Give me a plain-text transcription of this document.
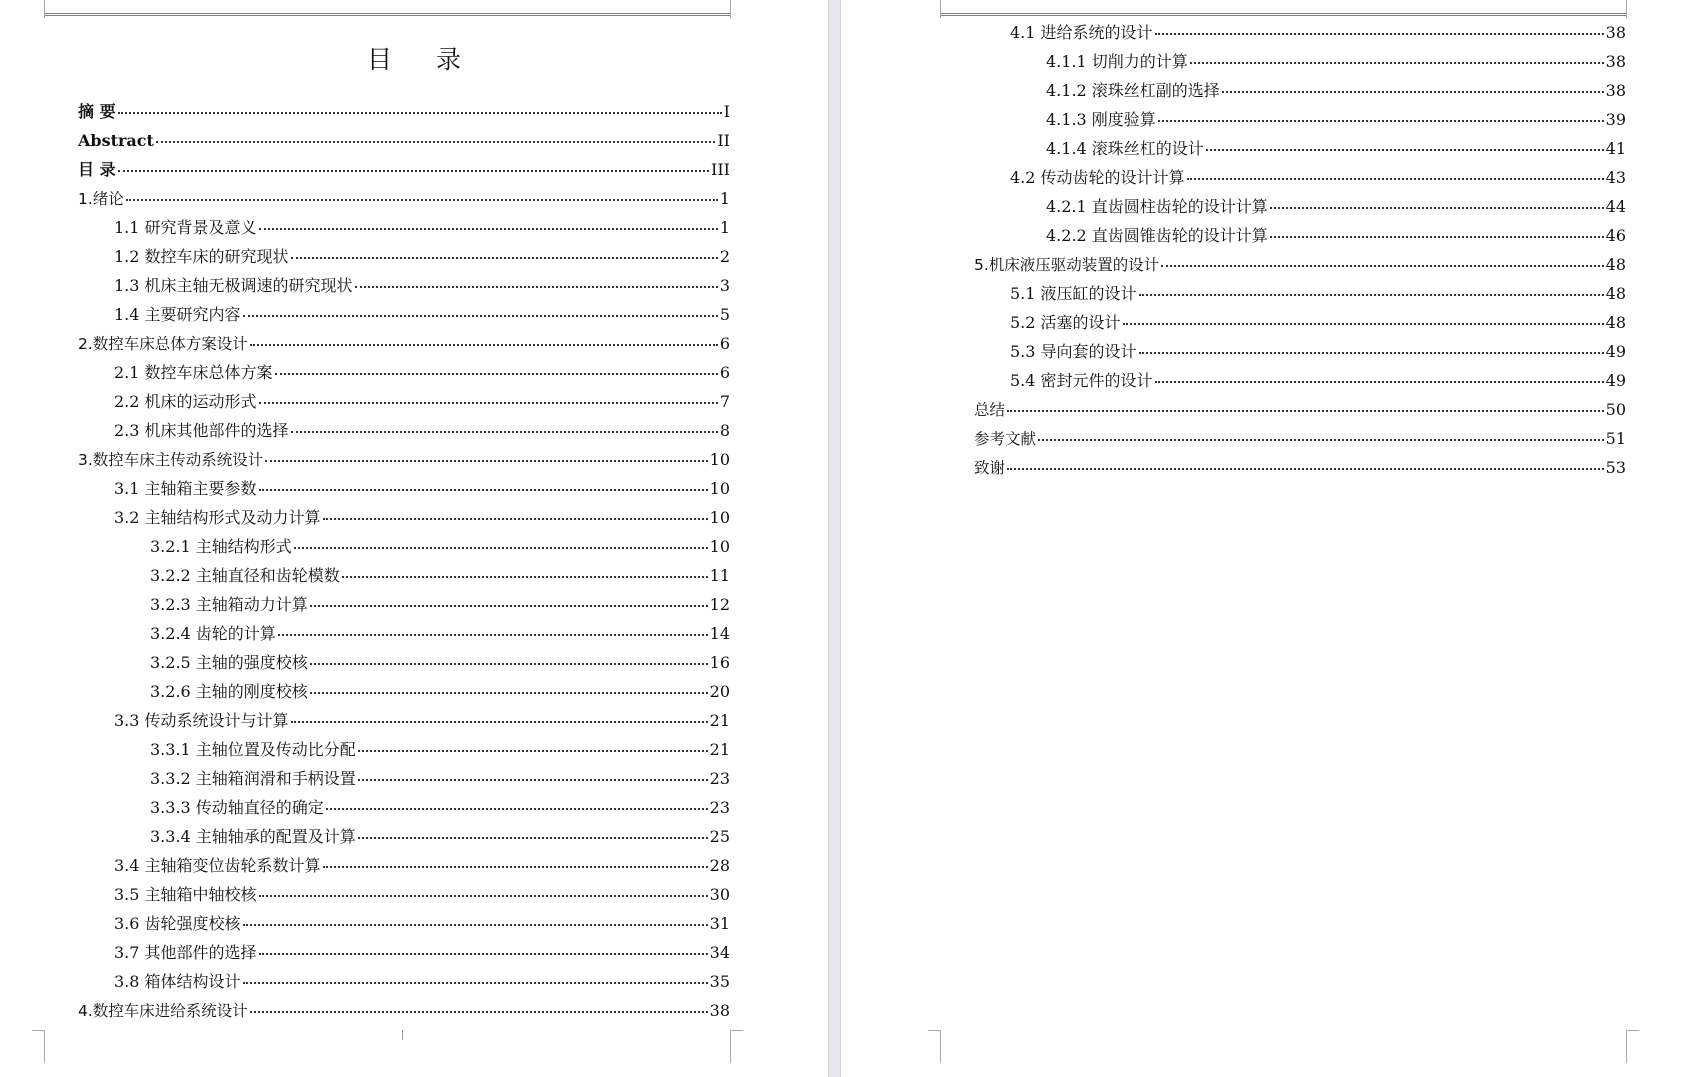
目 录
摘 要	I
Abstract	II
目 录	III
1.绪论	1
1.1 研究背景及意义	1
1.2 数控车床的研究现状	2
1.3 机床主轴无极调速的研究现状	3
1.4 主要研究内容	5
2.数控车床总体方案设计	6
2.1 数控车床总体方案	6
2.2 机床的运动形式	7
2.3 机床其他部件的选择	8
3.数控车床主传动系统设计	10
3.1 主轴箱主要参数	10
3.2 主轴结构形式及动力计算	10
3.2.1 主轴结构形式	10
3.2.2 主轴直径和齿轮模数	11
3.2.3 主轴箱动力计算	12
3.2.4 齿轮的计算	14
3.2.5 主轴的强度校核	16
3.2.6 主轴的刚度校核	20
3.3 传动系统设计与计算	21
3.3.1 主轴位置及传动比分配	21
3.3.2 主轴箱润滑和手柄设置	23
3.3.3 传动轴直径的确定	23
3.3.4 主轴轴承的配置及计算	25
3.4 主轴箱变位齿轮系数计算	28
3.5 主轴箱中轴校核	30
3.6 齿轮强度校核	31
3.7 其他部件的选择	34
3.8 箱体结构设计	35
4.数控车床进给系统设计	38
4.1 进给系统的设计	38
4.1.1 切削力的计算	38
4.1.2 滚珠丝杠副的选择	38
4.1.3 刚度验算	39
4.1.4 滚珠丝杠的设计	41
4.2 传动齿轮的设计计算	43
4.2.1 直齿圆柱齿轮的设计计算	44
4.2.2 直齿圆锥齿轮的设计计算	46
5.机床液压驱动装置的设计	48
5.1 液压缸的设计	48
5.2 活塞的设计	48
5.3 导向套的设计	49
5.4 密封元件的设计	49
总结	50
参考文献	51
致谢	53
